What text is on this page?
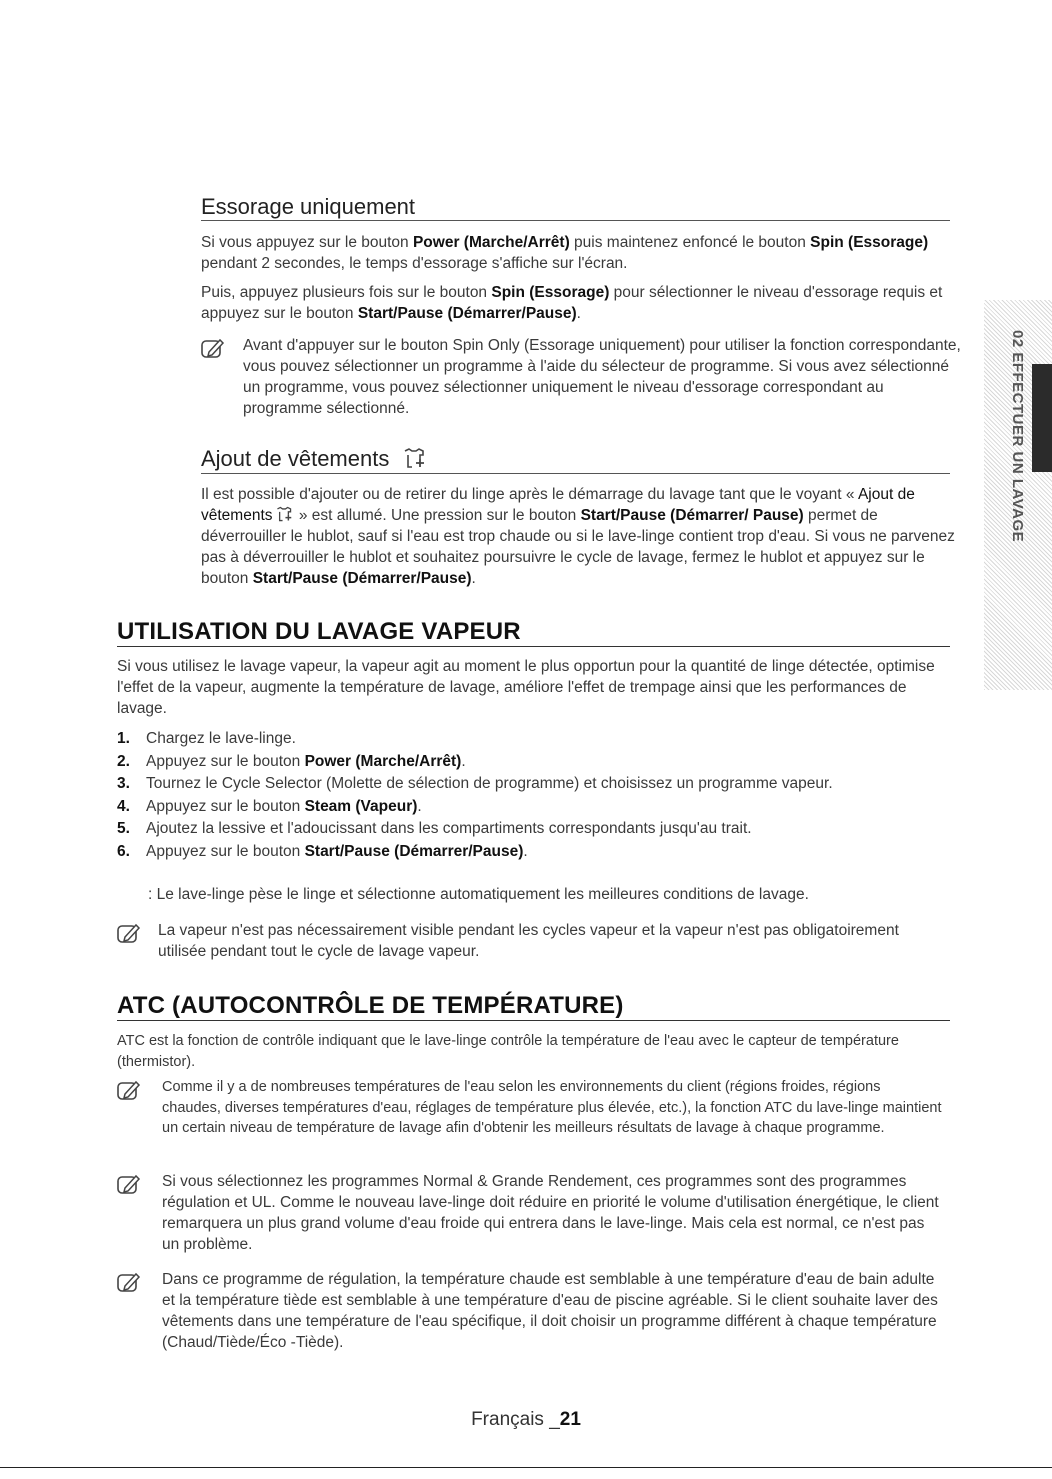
02 EFFECTUER UN LAVAGE
Essorage uniquement

Si vous appuyez sur le bouton Power (Marche/Arrêt) puis maintenez enfoncé le bouton Spin (Essorage) pendant 2 secondes, le temps d'essorage s'affiche sur l'écran.

Puis, appuyez plusieurs fois sur le bouton Spin (Essorage) pour sélectionner le niveau d'essorage requis et appuyez sur le bouton Start/Pause (Démarrer/Pause).

Avant d'appuyer sur le bouton Spin Only (Essorage uniquement) pour utiliser la fonction correspondante, vous pouvez sélectionner un programme à l'aide du sélecteur de programme. Si vous avez sélectionné un programme, vous pouvez sélectionner uniquement le niveau d'essorage correspondant au programme sélectionné.

Ajout de vêtements

Il est possible d'ajouter ou de retirer du linge après le démarrage du lavage tant que le voyant « Ajout de vêtements » est allumé. Une pression sur le bouton Start/Pause (Démarrer/ Pause) permet de déverrouiller le hublot, sauf si l'eau est trop chaude ou si le lave-linge contient trop d'eau. Si vous ne parvenez pas à déverrouiller le hublot et souhaitez poursuivre le cycle de lavage, fermez le hublot et appuyez sur le bouton Start/Pause (Démarrer/Pause).

UTILISATION DU LAVAGE VAPEUR

Si vous utilisez le lavage vapeur, la vapeur agit au moment le plus opportun pour la quantité de linge détectée, optimise l'effet de la vapeur, augmente la température de lavage, améliore l'effet de trempage ainsi que les performances de lavage.

1. Chargez le lave-linge.
2. Appuyez sur le bouton Power (Marche/Arrêt).
3. Tournez le Cycle Selector (Molette de sélection de programme) et choisissez un programme vapeur.
4. Appuyez sur le bouton Steam (Vapeur).
5. Ajoutez la lessive et l'adoucissant dans les compartiments correspondants jusqu'au trait.
6. Appuyez sur le bouton Start/Pause (Démarrer/Pause).
: Le lave-linge pèse le linge et sélectionne automatiquement les meilleures conditions de lavage.

La vapeur n'est pas nécessairement visible pendant les cycles vapeur et la vapeur n'est pas obligatoirement utilisée pendant tout le cycle de lavage vapeur.

ATC (AUTOCONTRÔLE DE TEMPÉRATURE)

ATC est la fonction de contrôle indiquant que le lave-linge contrôle la température de l'eau avec le capteur de température (thermistor).

Comme il y a de nombreuses températures de l'eau selon les environnements du client (régions froides, régions chaudes, diverses températures d'eau, réglages de température plus élevée, etc.), la fonction ATC du lave-linge maintient un certain niveau de température de lavage afin d'obtenir les meilleurs résultats de lavage à chaque programme.

Si vous sélectionnez les programmes Normal & Grande Rendement, ces programmes sont des programmes régulation et UL. Comme le nouveau lave-linge doit réduire en priorité le volume d'utilisation énergétique, le client remarquera un plus grand volume d'eau froide qui entrera dans le lave-linge. Mais cela est normal, ce n'est pas un problème.

Dans ce programme de régulation, la température chaude est semblable à une température d'eau de bain adulte et la température tiède est semblable à une température d'eau de piscine agréable. Si le client souhaite laver des vêtements dans une température de l'eau spécifique, il doit choisir un programme différent à chaque température (Chaud/Tiède/Éco -Tiède).

Français _21
